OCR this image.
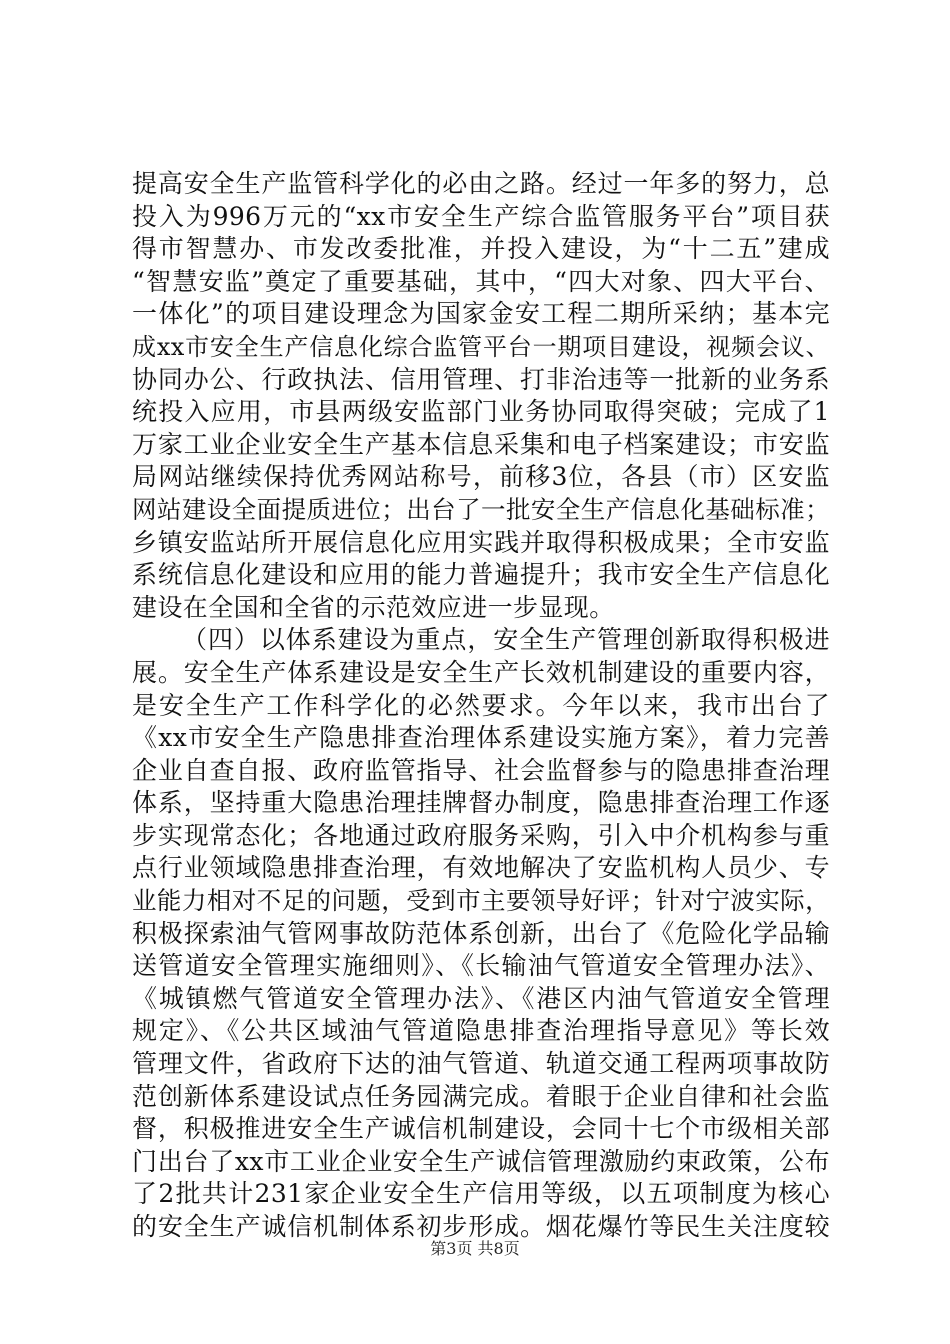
提高安全生产监管科学化的必由之路。经过一年多的努力，总
投入为996万元的“xx市安全生产综合监管服务平台”项目获
得市智慧办、市发改委批准，并投入建设，为“十二五”建成
“智慧安监”奠定了重要基础，其中，“四大对象、四大平台、
一体化”的项目建设理念为国家金安工程二期所采纳；基本完
成xx市安全生产信息化综合监管平台一期项目建设，视频会议、
协同办公、行政执法、信用管理、打非治违等一批新的业务系
统投入应用，市县两级安监部门业务协同取得突破；完成了1
万家工业企业安全生产基本信息采集和电子档案建设；市安监
局网站继续保持优秀网站称号，前移3位，各县（市）区安监
网站建设全面提质进位；出台了一批安全生产信息化基础标准；
乡镇安监站所开展信息化应用实践并取得积极成果；全市安监
系统信息化建设和应用的能力普遍提升；我市安全生产信息化
建设在全国和全省的示范效应进一步显现。
（四）以体系建设为重点，安全生产管理创新取得积极进
展。安全生产体系建设是安全生产长效机制建设的重要内容，
是安全生产工作科学化的必然要求。今年以来，我市出台了
《xx市安全生产隐患排查治理体系建设实施方案》，着力完善
企业自查自报、政府监管指导、社会监督参与的隐患排查治理
体系，坚持重大隐患治理挂牌督办制度，隐患排查治理工作逐
步实现常态化；各地通过政府服务采购，引入中介机构参与重
点行业领域隐患排查治理，有效地解决了安监机构人员少、专
业能力相对不足的问题，受到市主要领导好评；针对宁波实际，
积极探索油气管网事故防范体系创新，出台了《危险化学品输
送管道安全管理实施细则》、《长输油气管道安全管理办法》、
《城镇燃气管道安全管理办法》、《港区内油气管道安全管理
规定》、《公共区域油气管道隐患排查治理指导意见》等长效
管理文件，省政府下达的油气管道、轨道交通工程两项事故防
范创新体系建设试点任务园满完成。着眼于企业自律和社会监
督，积极推进安全生产诚信机制建设，会同十七个市级相关部
门出台了xx市工业企业安全生产诚信管理激励约束政策，公布
了2批共计231家企业安全生产信用等级，以五项制度为核心
的安全生产诚信机制体系初步形成。烟花爆竹等民生关注度较
第3页 共8页
